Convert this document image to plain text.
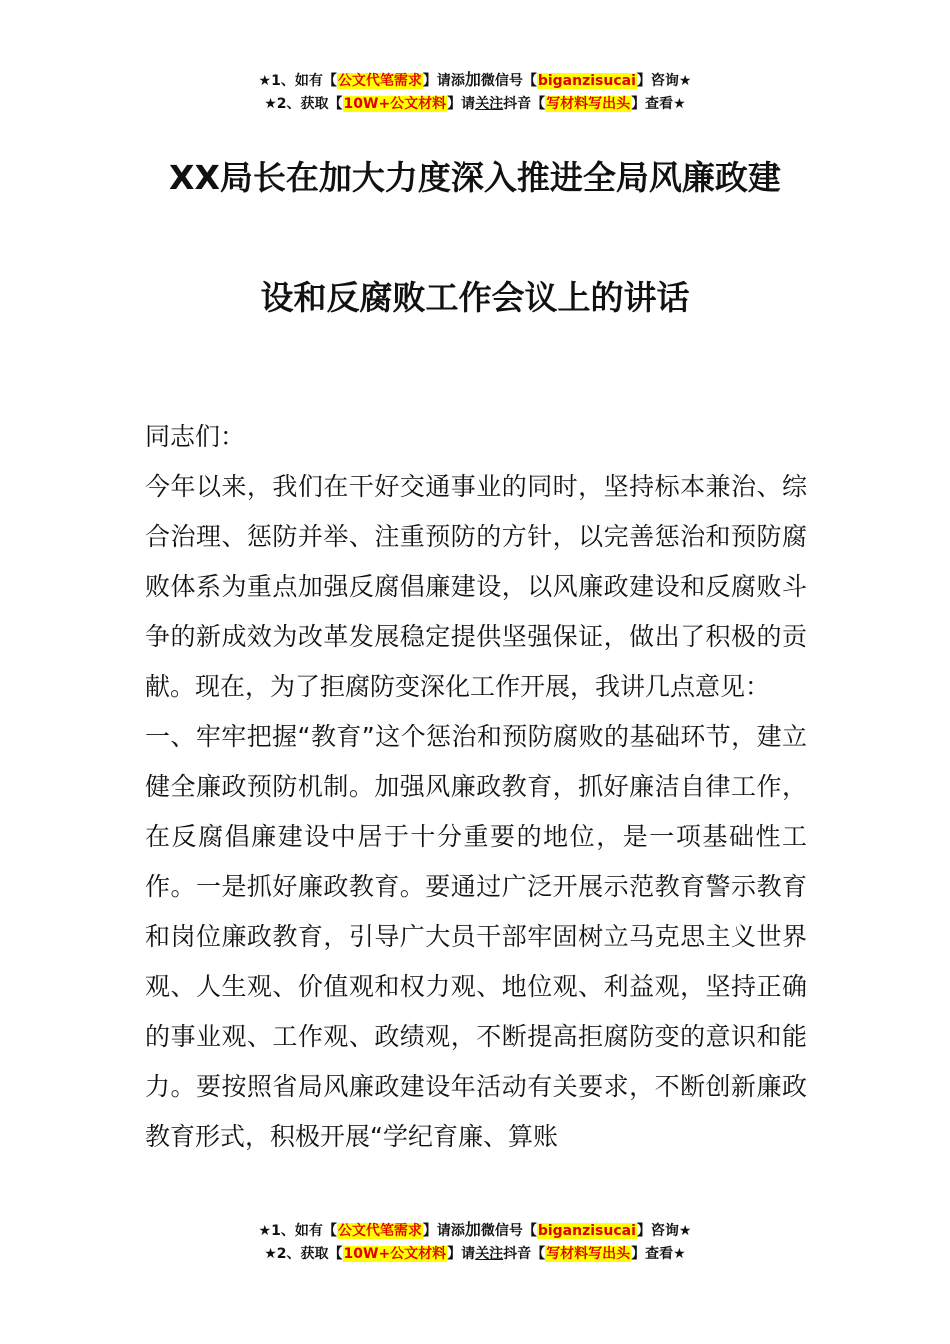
★1、如有【公文代笔需求】请添加微信号【biganzisucai】咨询★
★2、获取【10W+公文材料】请关注抖音【写材料写出头】查看★
XX局长在加大力度深入推进全局风廉政建
设和反腐败工作会议上的讲话

同志们：

今年以来，我们在干好交通事业的同时，坚持标本兼治、综合治理、惩防并举、注重预防的方针，以完善惩治和预防腐败体系为重点加强反腐倡廉建设，以风廉政建设和反腐败斗争的新成效为改革发展稳定提供坚强保证，做出了积极的贡献。现在，为了拒腐防变深化工作开展，我讲几点意见：

一、牢牢把握“教育”这个惩治和预防腐败的基础环节，建立健全廉政预防机制。加强风廉政教育，抓好廉洁自律工作，在反腐倡廉建设中居于十分重要的地位，是一项基础性工作。一是抓好廉政教育。要通过广泛开展示范教育警示教育和岗位廉政教育，引导广大员干部牢固树立马克思主义世界观、人生观、价值观和权力观、地位观、利益观，坚持正确的事业观、工作观、政绩观，不断提高拒腐防变的意识和能力。要按照省局风廉政建设年活动有关要求，不断创新廉政教育形式，积极开展“学纪育廉、算账

★1、如有【公文代笔需求】请添加微信号【biganzisucai】咨询★
★2、获取【10W+公文材料】请关注抖音【写材料写出头】查看★
